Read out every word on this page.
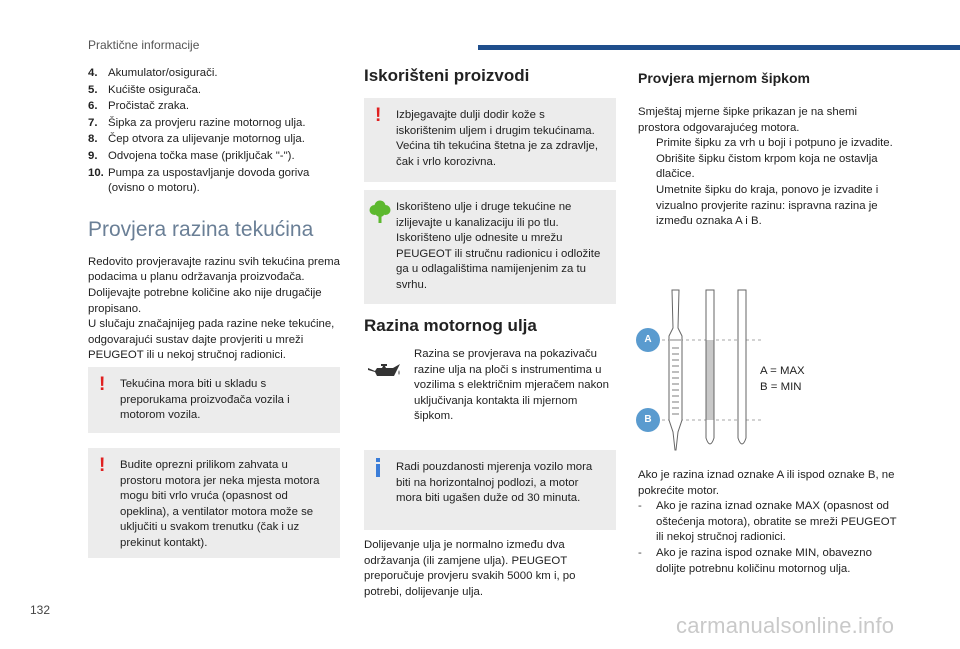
Praktične informacije
4. Akumulator/osigurači.
5. Kućište osigurača.
6. Pročistač zraka.
7. Šipka za provjeru razine motornog ulja.
8. Čep otvora za ulijevanje motornog ulja.
9. Odvojena točka mase (priključak "-").
10. Pumpa za uspostavljanje dovoda goriva (ovisno o motoru).
Provjera razina tekućina

Redovito provjeravajte razinu svih tekućina prema podacima u planu održavanja proizvođača. Dolijevajte potrebne količine ako nije drugačije propisano.

U slučaju značajnijeg pada razine neke tekućine, odgovarajući sustav dajte provjeriti u mreži PEUGEOT ili u nekoj stručnoj radionici.

!	Tekućina mora biti u skladu s preporukama proizvođača vozila i motorom vozila.

!	Budite oprezni prilikom zahvata u prostoru motora jer neka mjesta motora mogu biti vrlo vruća (opasnost od opeklina), a ventilator motora može se uključiti u svakom trenutku (čak i uz prekinut kontakt).

Iskorišteni proizvodi
!	Izbjegavajte dulji dodir kože s iskorištenim uljem i drugim tekućinama.
Većina tih tekućina štetna je za zdravlje, čak i vrlo korozivna.

Iskorišteno ulje i druge tekućine ne izlijevajte u kanalizaciju ili po tlu.
Iskorišteno ulje odnesite u mrežu PEUGEOT ili stručnu radionicu i odložite ga u odlagalištima namijenjenim za tu svrhu.

Razina motornog ulja
Razina se provjerava na pokazivaču razine ulja na ploči s instrumentima u vozilima s električnim mjeračem nakon uključivanja kontakta ili mjernom šipkom.

Radi pouzdanosti mjerenja vozilo mora biti na horizontalnoj podlozi, a motor mora biti ugašen duže od 30 minuta.

Dolijevanje ulja je normalno između dva održavanja (ili zamjene ulja). PEUGEOT preporučuje provjeru svakih 5000 km i, po potrebi, dolijevanje ulja.
Provjera mjernom šipkom

Smještaj mjerne šipke prikazan je na shemi prostora odgovarajućeg motora.

Primite šipku za vrh u boji i potpuno je izvadite.
Obrišite šipku čistom krpom koja ne ostavlja dlačice.
Umetnite šipku do kraja, ponovo je izvadite i vizualno provjerite razinu: ispravna razina je između oznaka A i B.
A
B
A = MAX
B = MIN

Ako je razina iznad oznake A ili ispod oznake B, ne pokrećite motor.

-	Ako je razina iznad oznake MAX (opasnost od oštećenja motora), obratite se mreži PEUGEOT ili nekoj stručnoj radionici.
-	Ako je razina ispod oznake MIN, obavezno dolijte potrebnu količinu motornog ulja.
132
carmanualsonline.info
